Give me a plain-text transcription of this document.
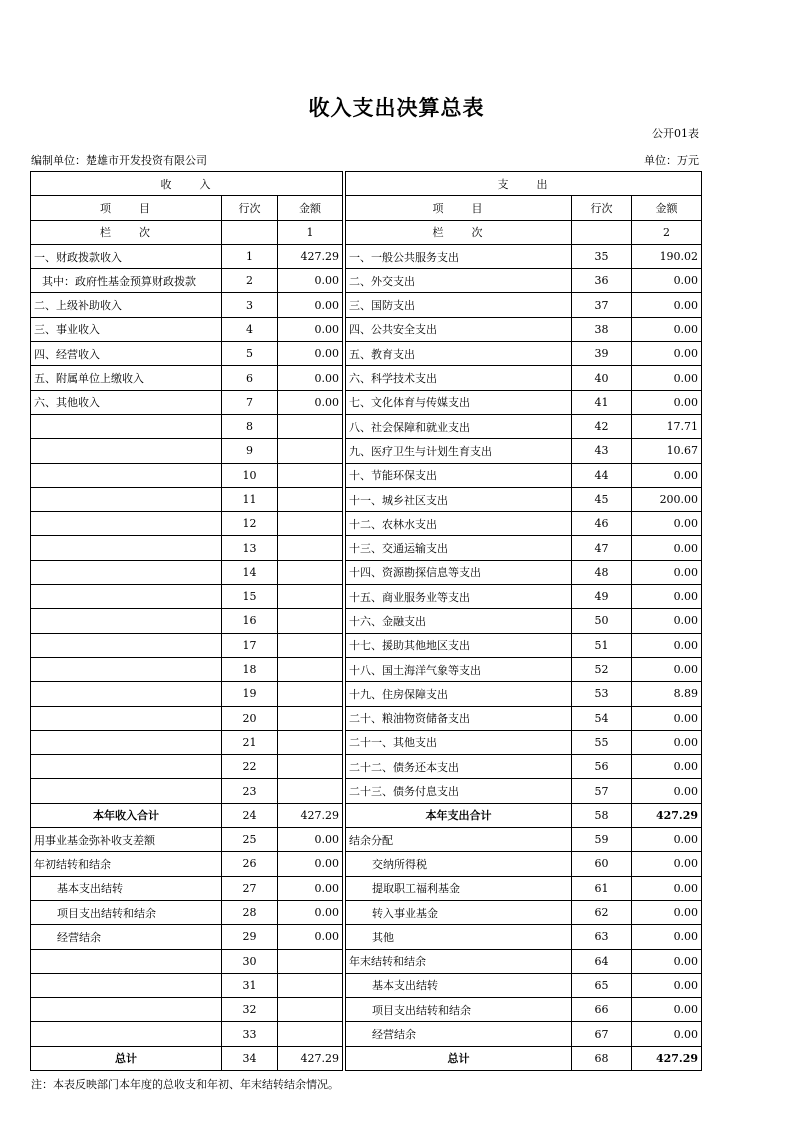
收入支出决算总表
公开01表
编制单位：楚雄市开发投资有限公司	单位：万元
收　　入				支　　出		
项　　目	行次	金额		项　　目	行次	金额
栏　　次		1		栏　　次		2
一、财政拨款收入	1	427.29		一、一般公共服务支出	35	190.02
其中：政府性基金预算财政拨款	2	0.00		二、外交支出	36	0.00
二、上级补助收入	3	0.00		三、国防支出	37	0.00
三、事业收入	4	0.00		四、公共安全支出	38	0.00
四、经营收入	5	0.00		五、教育支出	39	0.00
五、附属单位上缴收入	6	0.00		六、科学技术支出	40	0.00
六、其他收入	7	0.00		七、文化体育与传媒支出	41	0.00
	8			八、社会保障和就业支出	42	17.71
	9			九、医疗卫生与计划生育支出	43	10.67
	10			十、节能环保支出	44	0.00
	11			十一、城乡社区支出	45	200.00
	12			十二、农林水支出	46	0.00
	13			十三、交通运输支出	47	0.00
	14			十四、资源勘探信息等支出	48	0.00
	15			十五、商业服务业等支出	49	0.00
	16			十六、金融支出	50	0.00
	17			十七、援助其他地区支出	51	0.00
	18			十八、国土海洋气象等支出	52	0.00
	19			十九、住房保障支出	53	8.89
	20			二十、粮油物资储备支出	54	0.00
	21			二十一、其他支出	55	0.00
	22			二十二、债务还本支出	56	0.00
	23			二十三、债务付息支出	57	0.00
本年收入合计	24	427.29		本年支出合计	58	427.29
用事业基金弥补收支差额	25	0.00		结余分配	59	0.00
年初结转和结余	26	0.00		交纳所得税	60	0.00
基本支出结转	27	0.00		提取职工福利基金	61	0.00
项目支出结转和结余	28	0.00		转入事业基金	62	0.00
经营结余	29	0.00		其他	63	0.00
	30			年末结转和结余	64	0.00
	31			基本支出结转	65	0.00
	32			项目支出结转和结余	66	0.00
	33			经营结余	67	0.00
总计	34	427.29		总计	68	427.29
注：本表反映部门本年度的总收支和年初、年末结转结余情况。
